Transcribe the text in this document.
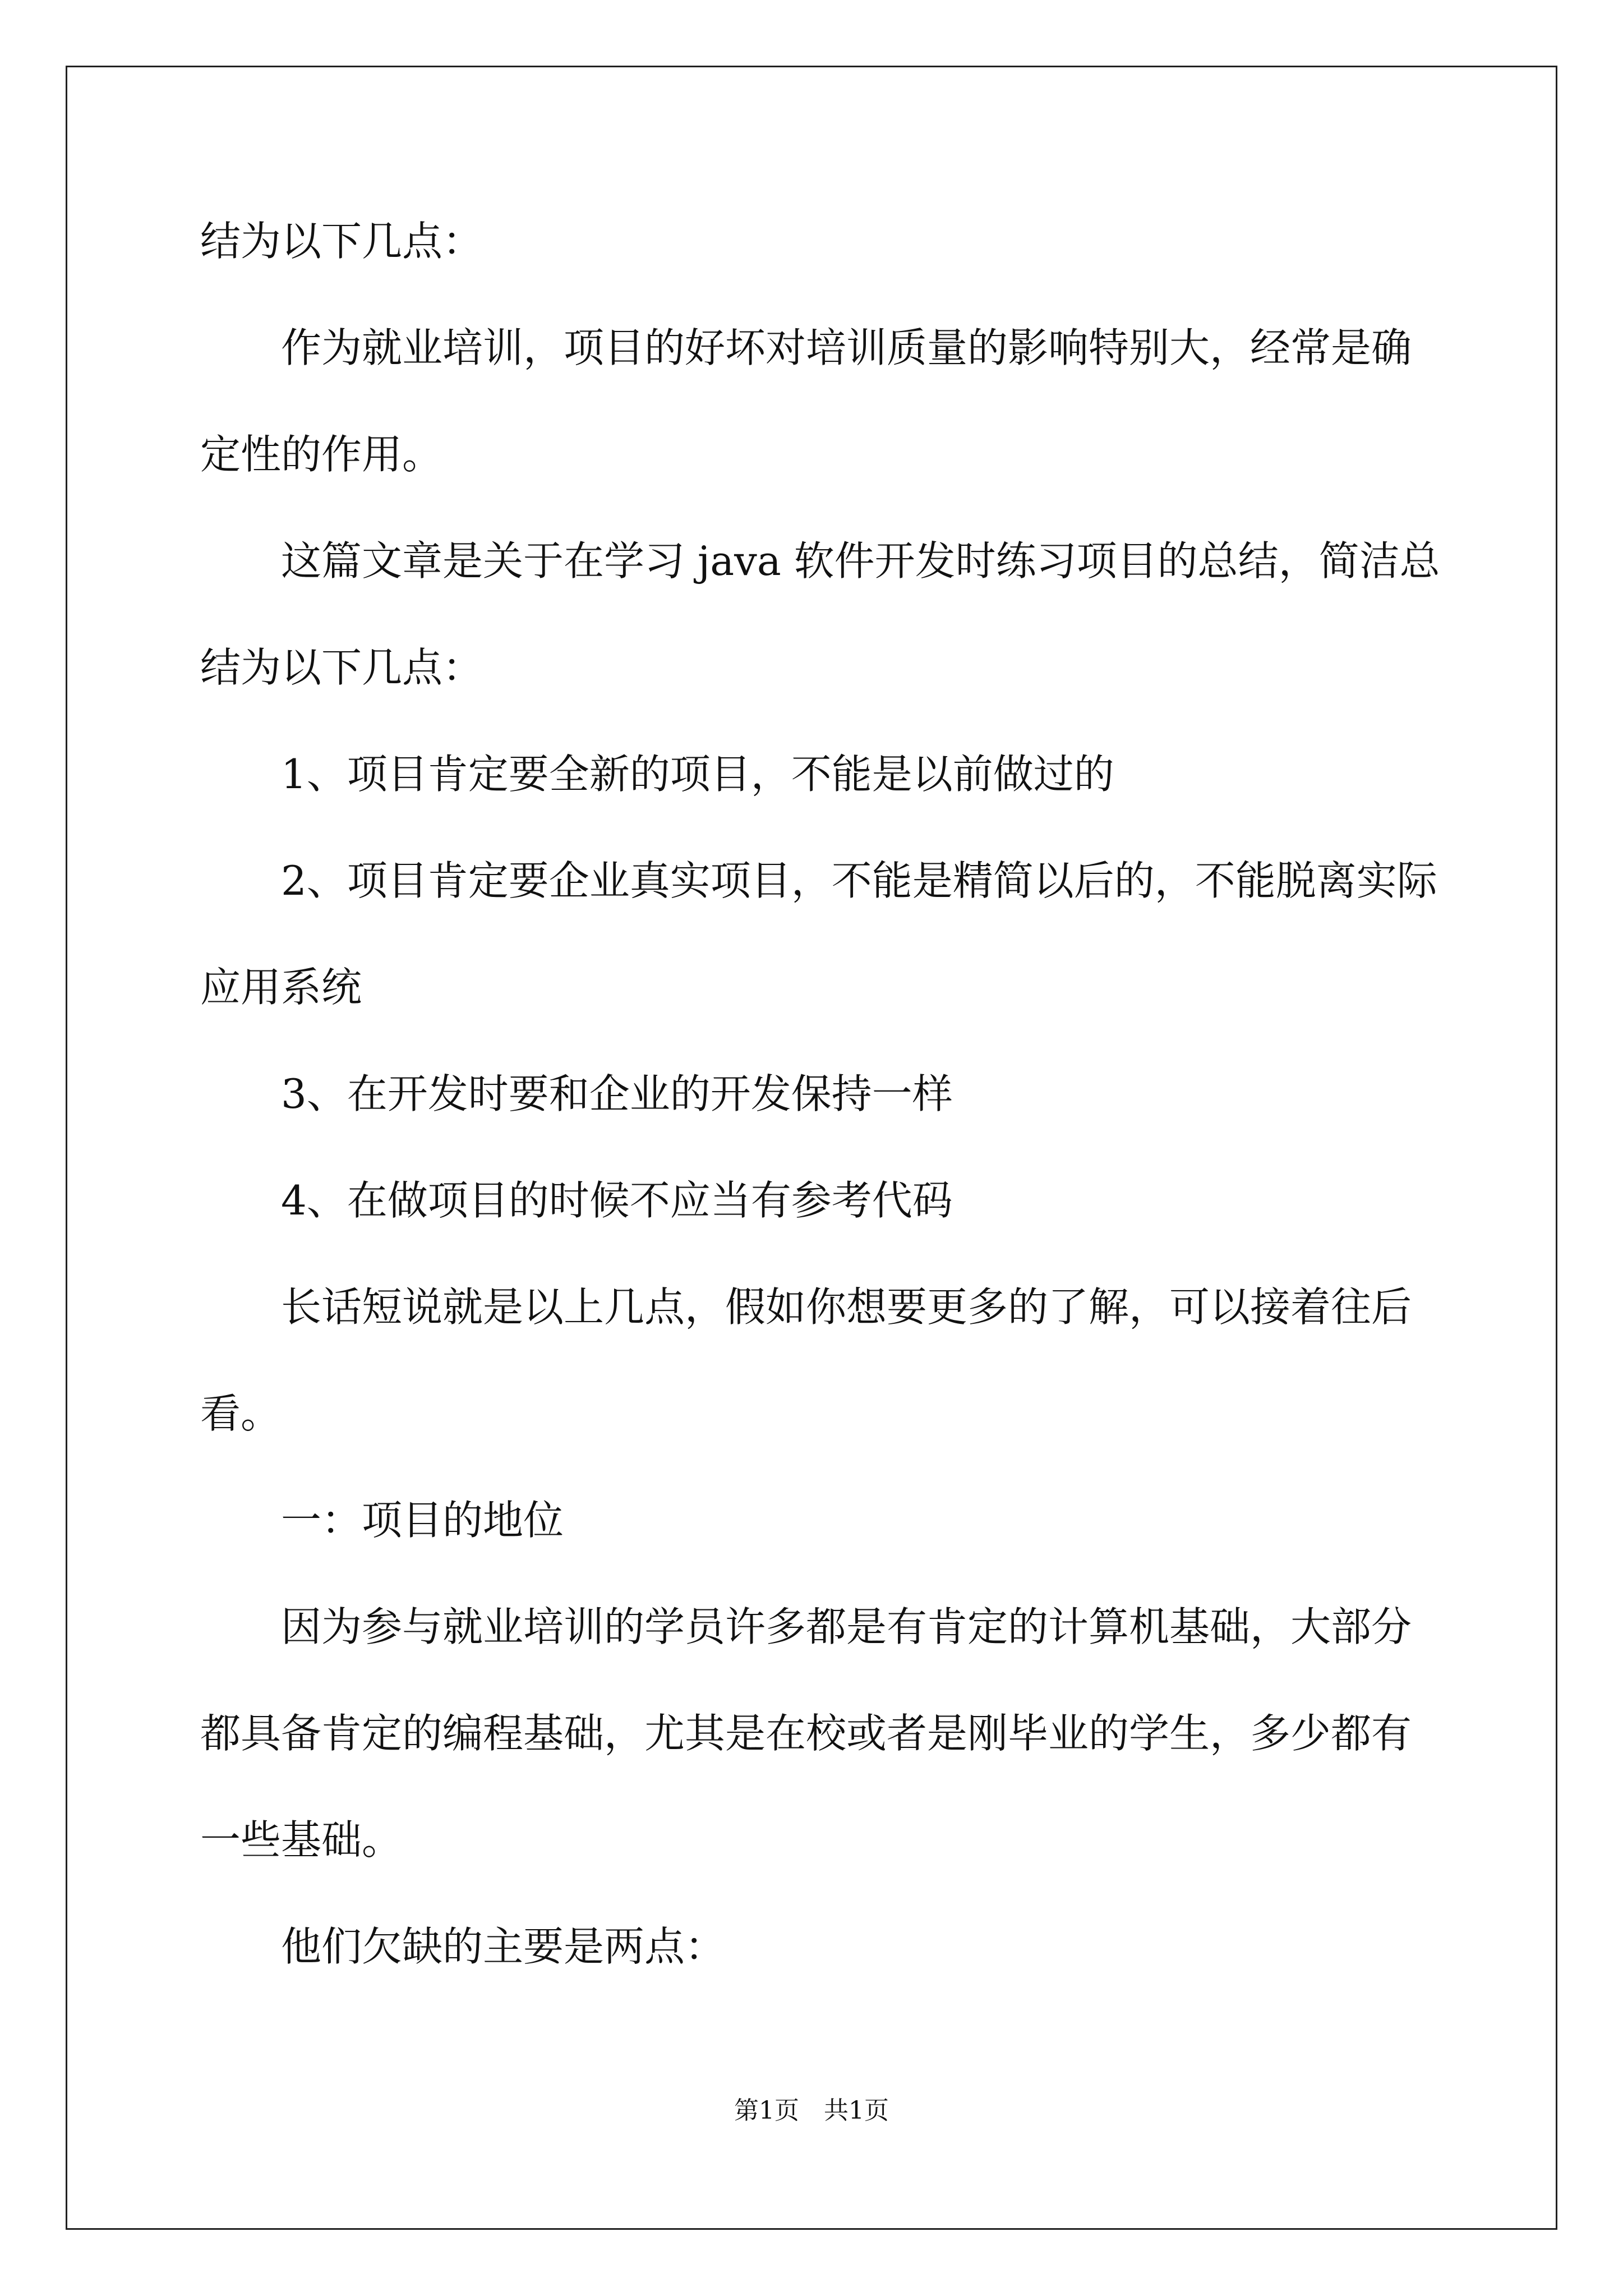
结为以下几点：
作为就业培训，项目的好坏对培训质量的影响特别大，经常是确
定性的作用。
这篇文章是关于在学习 java 软件开发时练习项目的总结，简洁总
结为以下几点：
1、项目肯定要全新的项目，不能是以前做过的
2、项目肯定要企业真实项目，不能是精简以后的，不能脱离实际
应用系统
3、在开发时要和企业的开发保持一样
4、在做项目的时候不应当有参考代码
长话短说就是以上几点，假如你想要更多的了解，可以接着往后
看。
一：项目的地位
因为参与就业培训的学员许多都是有肯定的计算机基础，大部分
都具备肯定的编程基础，尤其是在校或者是刚毕业的学生，多少都有
一些基础。
他们欠缺的主要是两点：
第1页　共1页
